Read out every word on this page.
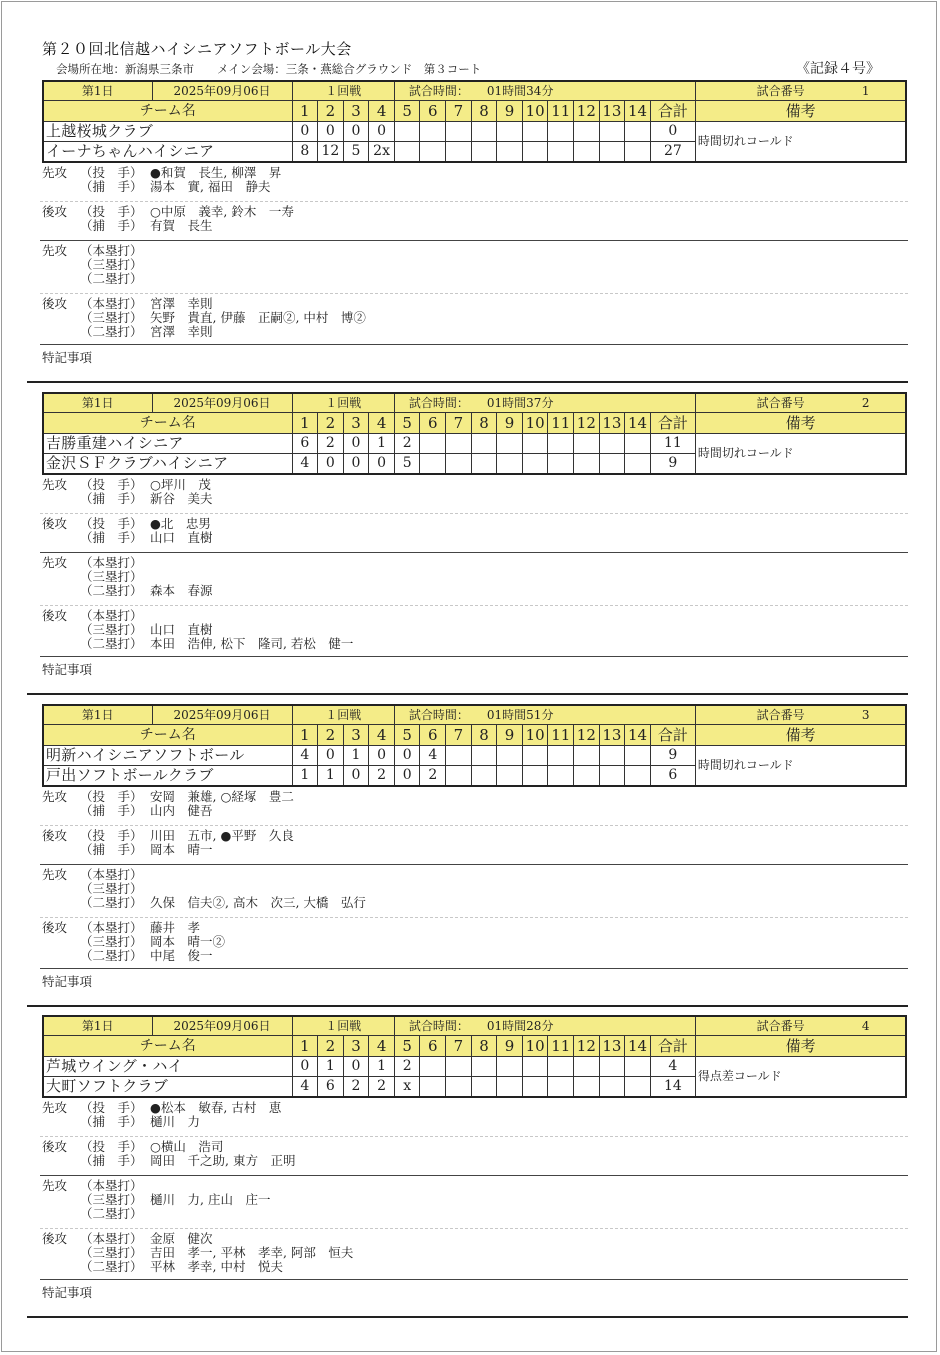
第２０回北信越ハイシニアソフトボール大会
会場所在地：新潟県三条市　　メイン会場：三条・燕総合グラウンド　第３コート	《記録４号》
第1日	2025年09月06日	１回戦				試合時間： 01時間34分											試合番号 1
チーム名		1	2	3	4	5	6	7	8	9	10	11	12	13	14	合計	備考
上越桜城クラブ		0	0	0	0											0	時間切れコールド
イーナちゃんハイシニア		8	12	5	2x											27	
先攻	（投　手） ●和賀　長生, 柳澤　昇
（捕　手） 湯本　實, 福田　静夫
後攻	（投　手） ○中原　義幸, 鈴木　一寿
（捕　手） 有賀　長生
先攻	（本塁打）
（三塁打）
（二塁打）
後攻	（本塁打） 宮澤　幸則
（三塁打） 矢野　貴直, 伊藤　正嗣②, 中村　博②
（二塁打） 宮澤　幸則
特記事項
第1日	2025年09月06日	１回戦				試合時間： 01時間37分											試合番号 2
チーム名		1	2	3	4	5	6	7	8	9	10	11	12	13	14	合計	備考
吉勝重建ハイシニア		6	2	0	1	2										11	時間切れコールド
金沢ＳＦクラブハイシニア		4	0	0	0	5										9	
先攻	（投　手） ○坪川　茂
（捕　手） 新谷　美夫
後攻	（投　手） ●北　忠男
（捕　手） 山口　直樹
先攻	（本塁打）
（三塁打）
（二塁打） 森本　春源
後攻	（本塁打）
（三塁打） 山口　直樹
（二塁打） 本田　浩伸, 松下　隆司, 若松　健一
特記事項
第1日	2025年09月06日	１回戦				試合時間： 01時間51分											試合番号 3
チーム名		1	2	3	4	5	6	7	8	9	10	11	12	13	14	合計	備考
明新ハイシニアソフトボール		4	0	1	0	0	4									9	時間切れコールド
戸出ソフトボールクラブ		1	1	0	2	0	2									6	
先攻	（投　手） 安岡　兼雄, ○経塚　豊二
（捕　手） 山内　健吾
後攻	（投　手） 川田　五市, ●平野　久良
（捕　手） 岡本　晴一
先攻	（本塁打）
（三塁打）
（二塁打） 久保　信夫②, 高木　次三, 大橋　弘行
後攻	（本塁打） 藤井　孝
（三塁打） 岡本　晴一②
（二塁打） 中尾　俊一
特記事項
第1日	2025年09月06日	１回戦				試合時間： 01時間28分											試合番号 4
チーム名		1	2	3	4	5	6	7	8	9	10	11	12	13	14	合計	備考
芦城ウイング・ハイ		0	1	0	1	2										4	得点差コールド
大町ソフトクラブ		4	6	2	2	x										14	
先攻	（投　手） ●松本　敏春, 古村　恵
（捕　手） 樋川　力
後攻	（投　手） ○横山　浩司
（捕　手） 岡田　千之助, 東方　正明
先攻	（本塁打）
（三塁打） 樋川　力, 庄山　庄一
（二塁打）
後攻	（本塁打） 金原　健次
（三塁打） 吉田　孝一, 平林　孝幸, 阿部　恒夫
（二塁打） 平林　孝幸, 中村　悦夫
特記事項
